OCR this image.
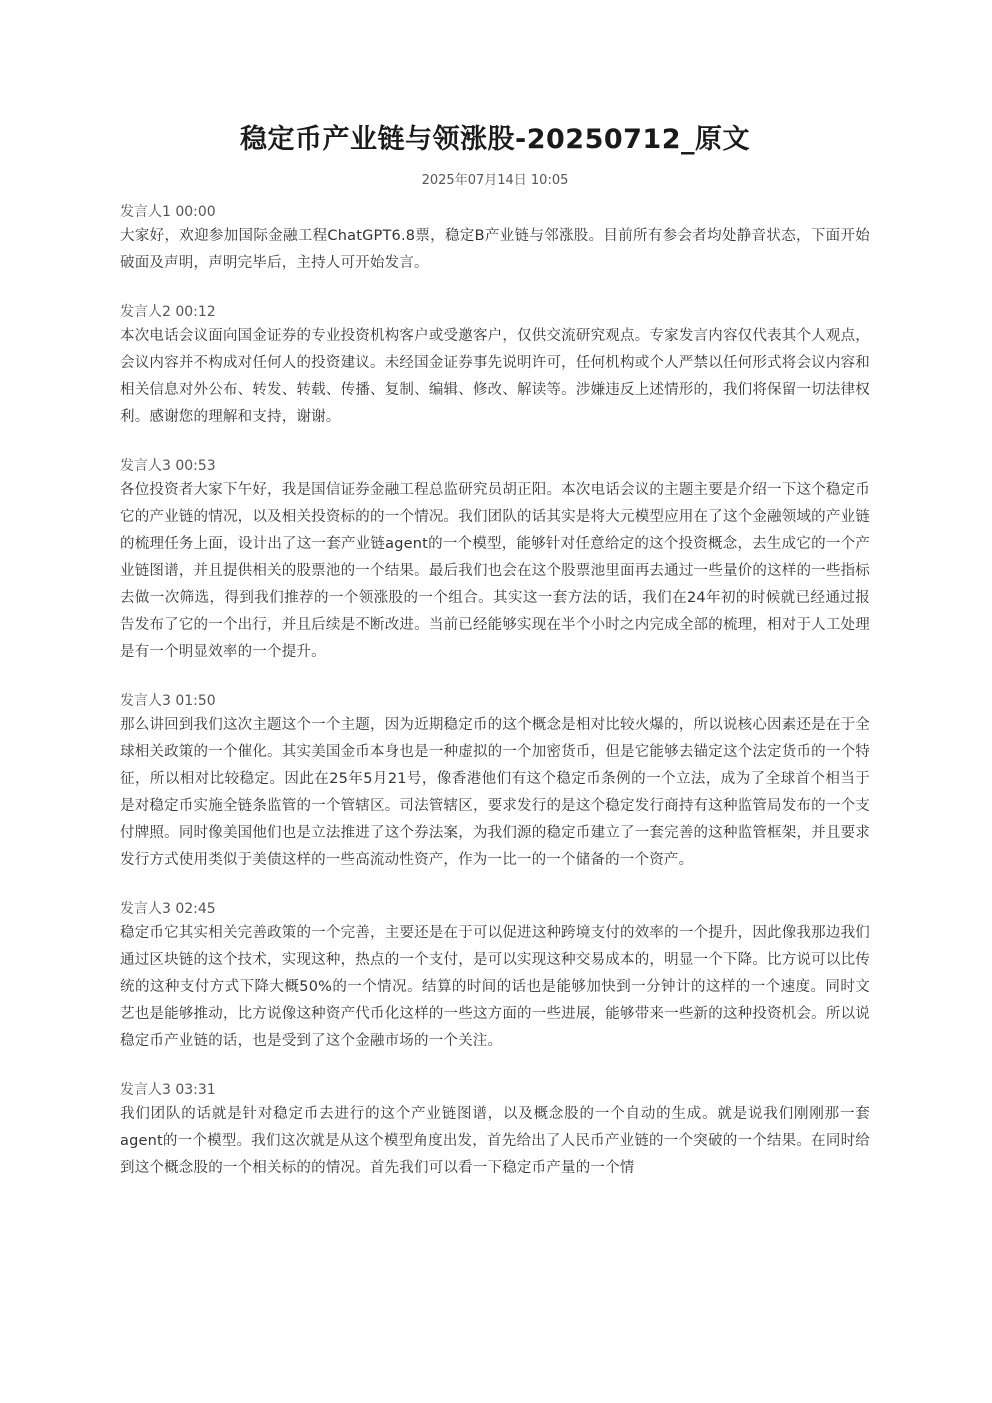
稳定币产业链与领涨股-20250712_原文
2025年07月14日 10:05
发言人1 00:00

大家好，欢迎参加国际金融工程ChatGPT6.8票，稳定B产业链与邻涨股。目前所有参会者均处静音状态，下面开始破面及声明，声明完毕后，主持人可开始发言。

发言人2 00:12

本次电话会议面向国金证券的专业投资机构客户或受邀客户，仅供交流研究观点。专家发言内容仅代表其个人观点，会议内容并不构成对任何人的投资建议。未经国金证券事先说明许可，任何机构或个人严禁以任何形式将会议内容和相关信息对外公布、转发、转载、传播、复制、编辑、修改、解读等。涉嫌违反上述情形的，我们将保留一切法律权利。感谢您的理解和支持，谢谢。

发言人3 00:53

各位投资者大家下午好，我是国信证券金融工程总监研究员胡正阳。本次电话会议的主题主要是介绍一下这个稳定币它的产业链的情况，以及相关投资标的的一个情况。我们团队的话其实是将大元模型应用在了这个金融领域的产业链的梳理任务上面，设计出了这一套产业链agent的一个模型，能够针对任意给定的这个投资概念，去生成它的一个产业链图谱，并且提供相关的股票池的一个结果。最后我们也会在这个股票池里面再去通过一些量价的这样的一些指标去做一次筛选，得到我们推荐的一个领涨股的一个组合。其实这一套方法的话，我们在24年初的时候就已经通过报告发布了它的一个出行，并且后续是不断改进。当前已经能够实现在半个小时之内完成全部的梳理，相对于人工处理是有一个明显效率的一个提升。

发言人3 01:50

那么讲回到我们这次主题这个一个主题，因为近期稳定币的这个概念是相对比较火爆的，所以说核心因素还是在于全球相关政策的一个催化。其实美国金币本身也是一种虚拟的一个加密货币，但是它能够去锚定这个法定货币的一个特征，所以相对比较稳定。因此在25年5月21号，像香港他们有这个稳定币条例的一个立法，成为了全球首个相当于是对稳定币实施全链条监管的一个管辖区。司法管辖区，要求发行的是这个稳定发行商持有这种监管局发布的一个支付牌照。同时像美国他们也是立法推进了这个券法案，为我们源的稳定币建立了一套完善的这种监管框架，并且要求发行方式使用类似于美债这样的一些高流动性资产，作为一比一的一个储备的一个资产。

发言人3 02:45

稳定币它其实相关完善政策的一个完善，主要还是在于可以促进这种跨境支付的效率的一个提升，因此像我那边我们通过区块链的这个技术，实现这种，热点的一个支付，是可以实现这种交易成本的，明显一个下降。比方说可以比传统的这种支付方式下降大概50%的一个情况。结算的时间的话也是能够加快到一分钟计的这样的一个速度。同时文艺也是能够推动，比方说像这种资产代币化这样的一些这方面的一些进展，能够带来一些新的这种投资机会。所以说稳定币产业链的话，也是受到了这个金融市场的一个关注。

发言人3 03:31

我们团队的话就是针对稳定币去进行的这个产业链图谱，以及概念股的一个自动的生成。就是说我们刚刚那一套agent的一个模型。我们这次就是从这个模型角度出发，首先给出了人民币产业链的一个突破的一个结果。在同时给到这个概念股的一个相关标的的情况。首先我们可以看一下稳定币产量的一个情
